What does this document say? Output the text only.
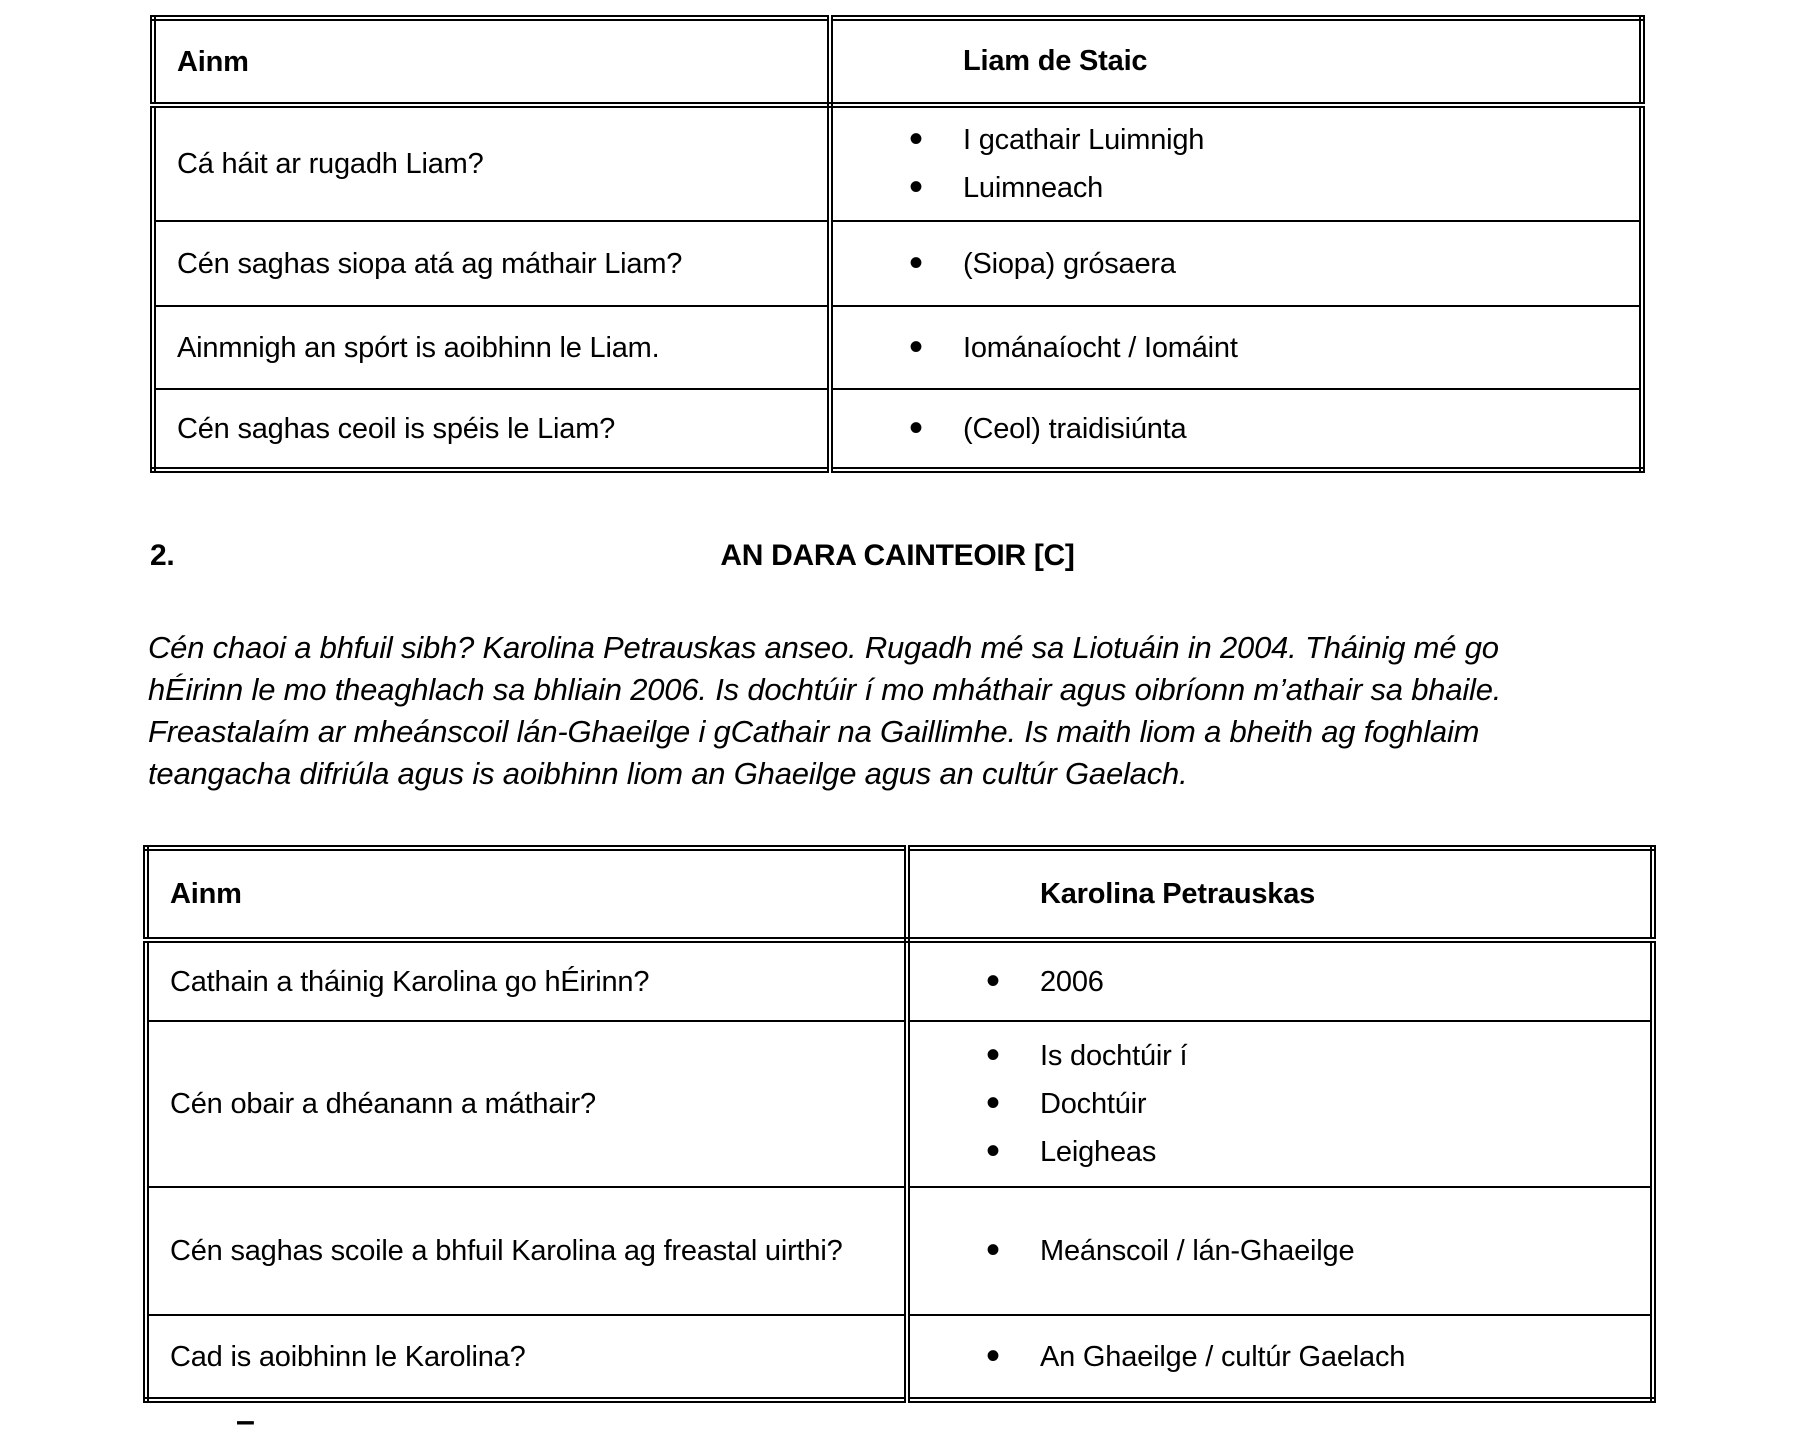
Ainm	Liam de Staic
Cá háit ar rugadh Liam?	
• I gcathair Luimnigh
• Luimneach

Cén saghas siopa atá ag máthair Liam?	
•(Siopa) grósaera

Ainmnigh an spórt is aoibhinn le Liam.	
•Iománaíocht / Iomáint

Cén saghas ceoil is spéis le Liam?	
•(Ceol) traidisiúnta
2.	AN DARA CAINTEOIR [C]
Cén chaoi a bhfuil sibh? Karolina Petrauskas anseo. Rugadh mé sa Liotuáin in 2004. Tháinig mé go
hÉirinn le mo theaghlach sa bhliain 2006. Is dochtúir í mo mháthair agus oibríonn m’athair sa bhaile.
Freastalaím ar mheánscoil lán-Ghaeilge i gCathair na Gaillimhe. Is maith liom a bheith ag foghlaim
teangacha difriúla agus is aoibhinn liom an Ghaeilge agus an cultúr Gaelach.
Ainm	Karolina Petrauskas
Cathain a tháinig Karolina go hÉirinn?	
•2006

Cén obair a dhéanann a máthair?	
• Is dochtúir í
• Dochtúir
• Leigheas

Cén saghas scoile a bhfuil Karolina ag freastal uirthi?	
•Meánscoil / lán-Ghaeilge

Cad is aoibhinn le Karolina?	
•An Ghaeilge / cultúr Gaelach
–
